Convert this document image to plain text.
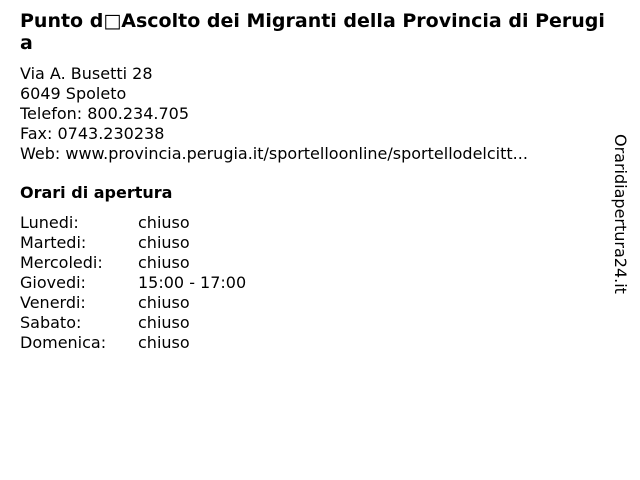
Punto d□Ascolto dei Migranti della Provincia di Perugia
Via A. Busetti 28
6049 Spoleto
Telefon: 800.234.705
Fax: 0743.230238
Web: www.provincia.perugia.it/sportelloonline/sportellodelcitt...
Orari di apertura
Lunedi:	chiuso
Martedi:	chiuso
Mercoledi:	chiuso
Giovedi:	15:00 - 17:00
Venerdi:	chiuso
Sabato:	chiuso
Domenica:	chiuso
Oraridiapertura24.it
